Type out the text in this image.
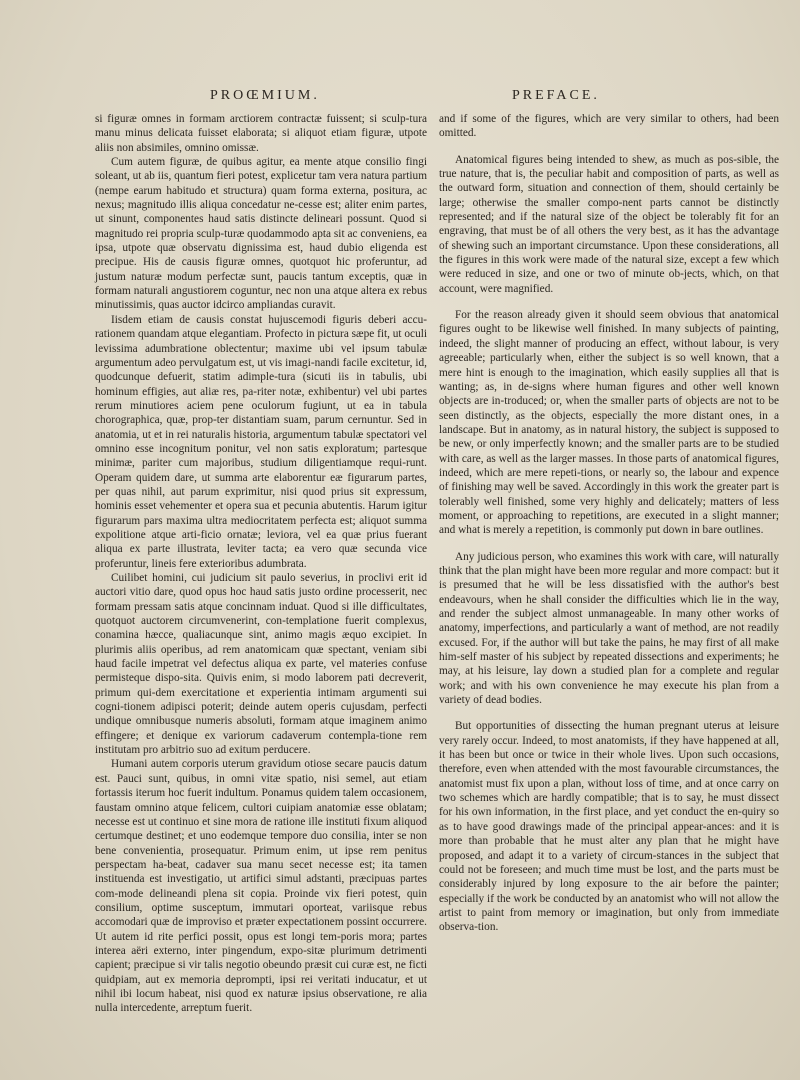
PROŒMIUM.	PREFACE.

si figuræ omnes in formam arctiorem contractæ fuissent; si sculp-tura manu minus delicata fuisset elaborata; si aliquot etiam figuræ, utpote aliis non absimiles, omnino omissæ.

Cum autem figuræ, de quibus agitur, ea mente atque consilio fingi soleant, ut ab iis, quantum fieri potest, explicetur tam vera natura partium (nempe earum habitudo et structura) quam forma externa, positura, ac nexus; magnitudo illis aliqua concedatur ne-cesse est; aliter enim partes, ut sinunt, componentes haud satis distincte delineari possunt. Quod si magnitudo rei propria sculp-turæ quodammodo apta sit ac conveniens, ea ipsa, utpote quæ observatu dignissima est, haud dubio eligenda est precipue. His de causis figuræ omnes, quotquot hic proferuntur, ad justum naturæ modum perfectæ sunt, paucis tantum exceptis, quæ in formam naturali angustiorem coguntur, nec non una atque altera ex rebus minutissimis, quas auctor idcirco ampliandas curavit.

Iisdem etiam de causis constat hujuscemodi figuris deberi accu-rationem quandam atque elegantiam. Profecto in pictura sæpe fit, ut oculi levissima adumbratione oblectentur; maxime ubi vel ipsum tabulæ argumentum adeo pervulgatum est, ut vis imagi-nandi facile excitetur, id, quodcunque defuerit, statim adimple-tura (sicuti iis in tabulis, ubi hominum effigies, aut aliæ res, pa-riter notæ, exhibentur) vel ubi partes rerum minutiores aciem pene oculorum fugiunt, ut ea in tabula chorographica, quæ, prop-ter distantiam suam, parum cernuntur. Sed in anatomia, ut et in rei naturalis historia, argumentum tabulæ spectatori vel omnino esse incognitum ponitur, vel non satis exploratum; partesque minimæ, pariter cum majoribus, studium diligentiamque requi-runt. Operam quidem dare, ut summa arte elaborentur eæ figurarum partes, per quas nihil, aut parum exprimitur, nisi quod prius sit expressum, hominis esset vehementer et opera sua et pecunia abutentis. Harum igitur figurarum pars maxima ultra mediocritatem perfecta est; aliquot summa expolitione atque arti-ficio ornatæ; leviora, vel ea quæ prius fuerant aliqua ex parte illustrata, leviter tacta; ea vero quæ secunda vice proferuntur, lineis fere exterioribus adumbrata.

Cuilibet homini, cui judicium sit paulo severius, in proclivi erit id auctori vitio dare, quod opus hoc haud satis justo ordine processerit, nec formam pressam satis atque concinnam induat. Quod si ille difficultates, quotquot auctorem circumvenerint, con-templatione fuerit complexus, conamina hæcce, qualiacunque sint, animo magis æquo excipiet. In plurimis aliis operibus, ad rem anatomicam quæ spectant, veniam sibi haud facile impetrat vel defectus aliqua ex parte, vel materies confuse permisteque dispo-sita. Quivis enim, si modo laborem pati decreverit, primum qui-dem exercitatione et experientia intimam argumenti sui cogni-tionem adipisci poterit; deinde autem operis cujusdam, perfecti undique omnibusque numeris absoluti, formam atque imaginem animo effingere; et denique ex variorum cadaverum contempla-tione rem institutam pro arbitrio suo ad exitum perducere.

Humani autem corporis uterum gravidum otiose secare paucis datum est. Pauci sunt, quibus, in omni vitæ spatio, nisi semel, aut etiam fortassis iterum hoc fuerit indultum. Ponamus quidem talem occasionem, faustam omnino atque felicem, cultori cuipiam anatomiæ esse oblatam; necesse est ut continuo et sine mora de ratione ille instituti fixum aliquod certumque destinet; et uno eodemque tempore duo consilia, inter se non bene convenientia, prosequatur. Primum enim, ut ipse rem penitus perspectam ha-beat, cadaver sua manu secet necesse est; ita tamen instituenda est investigatio, ut artifici simul adstanti, præcipuas partes com-mode delineandi plena sit copia. Proinde vix fieri potest, quin consilium, optime susceptum, immutari oporteat, variisque rebus accomodari quæ de improviso et præter expectationem possint occurrere. Ut autem id rite perfici possit, opus est longi tem-poris mora; partes interea aëri externo, inter pingendum, expo-sitæ plurimum detrimenti capient; præcipue si vir talis negotio obeundo præsit cui curæ est, ne ficti quidpiam, aut ex memoria deprompti, ipsi rei veritati inducatur, et ut nihil ibi locum habeat, nisi quod ex naturæ ipsius observatione, re alia nulla intercedente, arreptum fuerit.

and if some of the figures, which are very similar to others, had been omitted.

Anatomical figures being intended to shew, as much as pos-sible, the true nature, that is, the peculiar habit and composition of parts, as well as the outward form, situation and connection of them, should certainly be large; otherwise the smaller compo-nent parts cannot be distinctly represented; and if the natural size of the object be tolerably fit for an engraving, that must be of all others the very best, as it has the advantage of shewing such an important circumstance. Upon these considerations, all the figures in this work were made of the natural size, except a few which were reduced in size, and one or two of minute ob-jects, which, on that account, were magnified.

For the reason already given it should seem obvious that anatomical figures ought to be likewise well finished. In many subjects of painting, indeed, the slight manner of producing an effect, without labour, is very agreeable; particularly when, either the subject is so well known, that a mere hint is enough to the imagination, which easily supplies all that is wanting; as, in de-signs where human figures and other well known objects are in-troduced; or, when the smaller parts of objects are not to be seen distinctly, as the objects, especially the more distant ones, in a landscape. But in anatomy, as in natural history, the subject is supposed to be new, or only imperfectly known; and the smaller parts are to be studied with care, as well as the larger masses. In those parts of anatomical figures, indeed, which are mere repeti-tions, or nearly so, the labour and expence of finishing may well be saved. Accordingly in this work the greater part is tolerably well finished, some very highly and delicately; matters of less moment, or approaching to repetitions, are executed in a slight manner; and what is merely a repetition, is commonly put down in bare outlines.

Any judicious person, who examines this work with care, will naturally think that the plan might have been more regular and more compact: but it is presumed that he will be less dissatisfied with the author's best endeavours, when he shall consider the difficulties which lie in the way, and render the subject almost unmanageable. In many other works of anatomy, imperfections, and particularly a want of method, are not readily excused. For, if the author will but take the pains, he may first of all make him-self master of his subject by repeated dissections and experiments; he may, at his leisure, lay down a studied plan for a complete and regular work; and with his own convenience he may execute his plan from a variety of dead bodies.

But opportunities of dissecting the human pregnant uterus at leisure very rarely occur. Indeed, to most anatomists, if they have happened at all, it has been but once or twice in their whole lives. Upon such occasions, therefore, even when attended with the most favourable circumstances, the anatomist must fix upon a plan, without loss of time, and at once carry on two schemes which are hardly compatible; that is to say, he must dissect for his own information, in the first place, and yet conduct the en-quiry so as to have good drawings made of the principal appear-ances: and it is more than probable that he must alter any plan that he might have proposed, and adapt it to a variety of circum-stances in the subject that could not be foreseen; and much time must be lost, and the parts must be considerably injured by long exposure to the air before the painter; especially if the work be conducted by an anatomist who will not allow the artist to paint from memory or imagination, but only from immediate observa-tion.
